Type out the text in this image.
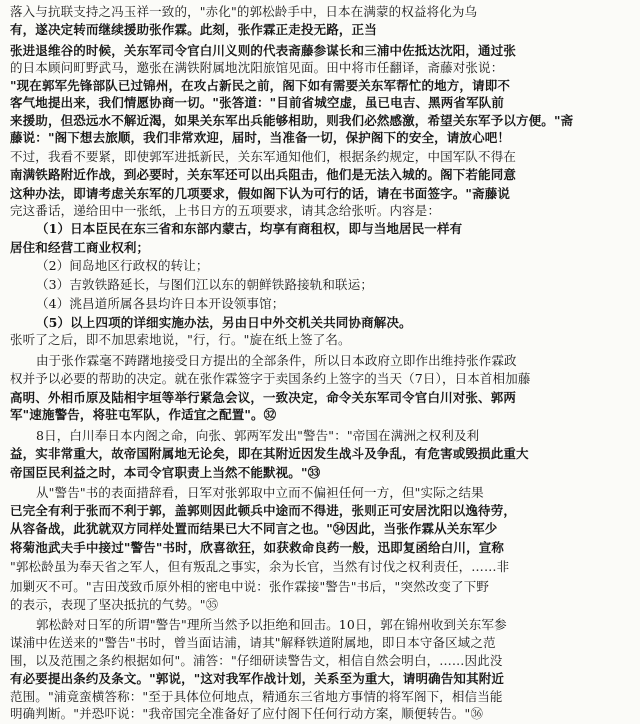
落入与抗联支持之冯玉祥一致的，"赤化"的郭松龄手中，日本在满蒙的权益将化为乌
有，遂决定转而继续援助张作霖。此刻，张作霖正走投无路，正当
张进退维谷的时候，关东军司令官白川义则的代表斋藤参谋长和三浦中佐抵达沈阳，通过张
的日本顾问町野武马，邀张在满铁附属地沈阳旅馆见面。田中将市任翻译，斋藤对张说：
"现在郭军先锋部队已过锦州，在攻占新民之前，阁下如有需要关东军帮忙的地方，请即不
客气地提出来，我们情愿协商一切。"张答道："目前省城空虚，虽已电吉、黑两省军队前
来援助，但恐远水不解近渴，如果关东军出兵能够相助，则我们必然感激，希望关东军予以方便。"斋
藤说："阁下想去旅顺，我们非常欢迎，届时，当准备一切，保护阁下的安全，请放心吧！
不过，我看不要紧，即使郭军进抵新民，关东军通知他们，根据条约规定，中国军队不得在
南满铁路附近作战，到必要时，关东军还可以出兵阻击，他们是无法入城的。阁下若能同意
这种办法，即请考虑关东军的几项要求，假如阁下认为可行的话，请在书面签字。"斋藤说
完这番话，递给田中一张纸，上书日方的五项要求，请其念给张听。内容是：
（1）日本臣民在东三省和东部内蒙古，均享有商租权，即与当地居民一样有
居住和经营工商业权利；
（2）间岛地区行政权的转让；
（3）吉敦铁路延长，与图们江以东的朝鲜铁路接轨和联运；
（4）洮昌道所属各县均许日本开设领事馆；
（5）以上四项的详细实施办法，另由日中外交机关共同协商解决。
张听了之后，即不加思索地说，"行，行。"旋在纸上签了名。
由于张作霖毫不踌躇地接受日方提出的全部条件，所以日本政府立即作出维持张作霖政
权并予以必要的帮助的决定。就在张作霖签字于卖国条约上签字的当天（7日），日本首相加藤
高明、外相币原及陆相宇垣等举行紧急会议，一致决定，命令关东军司令官白川对张、郭两
军"速施警告，将驻屯军队，作适宜之配置"。㉜
8日，白川奉日本内阁之命，向张、郭两军发出"警告"："帝国在满洲之权利及利
益，实非常重大，故帝国附属地无论矣，即在其附近因发生战斗及争乱，有危害或毁损此重大
帝国臣民利益之时，本司令官职责上当然不能默视。"㉝
从"警告"书的表面措辞看，日军对张郭取中立而不偏袒任何一方，但"实际之结果
已完全有利于张而不利于郭，盖郭则因此顿兵中途而不得进，张则正可安居沈阳以逸待劳，
从容备战，此犹就双方同样处置而结果已大不同言之也。"㉞因此，当张作霖从关东军少
将菊池武夫手中接过"警告"书时，欣喜欲狂，如获救命良药一般，迅即复函给白川，宣称
"郭松龄虽为奉天省之军人，但有叛乱之事实，余为长官，当然有讨伐之权利责任，……非
加剿灭不可。"吉田茂致币原外相的密电中说：张作霖接"警告"书后，"突然改变了下野
的表示，表现了坚决抵抗的气势。"㉟
郭松龄对日军的所谓"警告"理所当然予以拒绝和回击。10日，郭在锦州收到关东军参
谋浦中佐送来的"警告"书时，曾当面诘浦，请其"解释铁道附属地，即日本守备区域之范
围，以及范围之条约根据如何"。浦答："仔细研读警告文，相信自然会明白，……因此没
有必要提出条约及条文。"郭说，"这对我军作战计划，关系至为重大，请明确告知其附近
范围。"浦竟蛮横答称："至于具体位何地点，精通东三省地方事情的将军阁下，相信当能
明确判断。"并恐吓说："我帝国完全准备好了应付阁下任何行动方案，顺便转告。"㊱
